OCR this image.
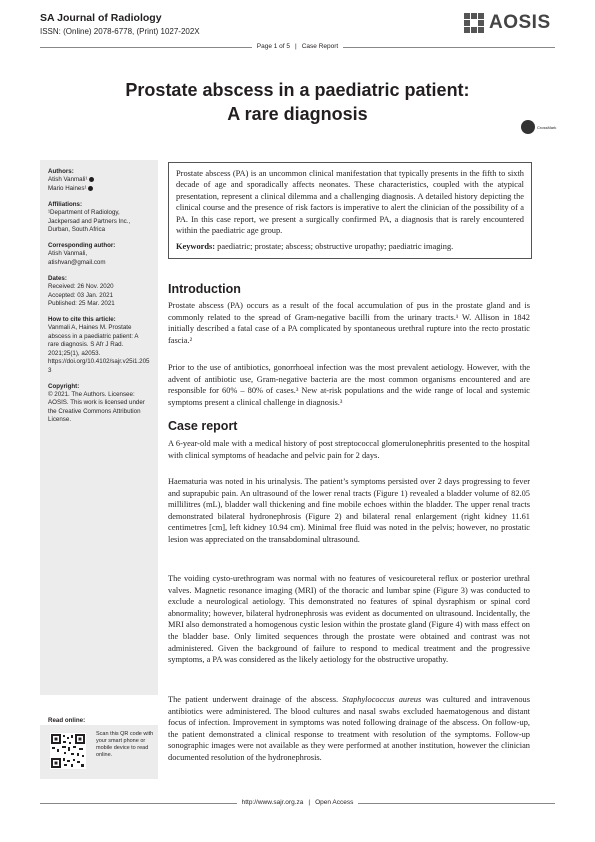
SA Journal of Radiology
ISSN: (Online) 2078-6778, (Print) 1027-202X	AOSIS
Page 1 of 5 | Case Report
Prostate abscess in a paediatric patient:
A rare diagnosis
CrossMark
Authors:
Atish Vanmali¹
Mario Haines¹
Affiliations:
¹Department of Radiology, Jackpersad and Partners Inc., Durban, South Africa
Corresponding author:
Atish Vanmali,
atishvan@gmail.com
Dates:
Received: 26 Nov. 2020
Accepted: 03 Jan. 2021
Published: 25 Mar. 2021
How to cite this article:
Vanmali A, Haines M. Prostate abscess in a paediatric patient: A rare diagnosis. S Afr J Rad. 2021;25(1), a2053. https://doi.org/10.4102/sajr.v25i1.2053
Copyright:
© 2021. The Authors. Licensee: AOSIS. This work is licensed under the Creative Commons Attribution License.
Read online:
Scan this QR code with your smart phone or mobile device to read online.
Prostate abscess (PA) is an uncommon clinical manifestation that typically presents in the fifth to sixth decade of age and sporadically affects neonates. These characteristics, coupled with the atypical presentation, represent a clinical dilemma and a challenging diagnosis. A detailed history depicting the clinical course and the presence of risk factors is imperative to alert the clinician of the possibility of a PA. In this case report, we present a surgically confirmed PA, a diagnosis that is rarely encountered within the paediatric age group.
Keywords: paediatric; prostate; abscess; obstructive uropathy; paediatric imaging.
Introduction

Prostate abscess (PA) occurs as a result of the focal accumulation of pus in the prostate gland and is commonly related to the spread of Gram-negative bacilli from the urinary tracts.¹ W. Allison in 1842 initially described a fatal case of a PA complicated by spontaneous urethral rupture into the recto prostatic fascia.²

Prior to the use of antibiotics, gonorrhoeal infection was the most prevalent aetiology. However, with the advent of antibiotic use, Gram-negative bacteria are the most common organisms encountered and are responsible for 60% – 80% of cases.³ New at-risk populations and the wide range of local and systemic symptoms present a clinical challenge in diagnosis.³

Case report

A 6-year-old male with a medical history of post streptococcal glomerulonephritis presented to the hospital with clinical symptoms of headache and pelvic pain for 2 days.

Haematuria was noted in his urinalysis. The patient’s symptoms persisted over 2 days progressing to fever and suprapubic pain. An ultrasound of the lower renal tracts (Figure 1) revealed a bladder volume of 82.05 millilitres (mL), bladder wall thickening and fine mobile echoes within the bladder. The upper renal tracts demonstrated bilateral hydronephrosis (Figure 2) and bilateral renal enlargement (right kidney 11.61 centimetres [cm], left kidney 10.94 cm). Minimal free fluid was noted in the pelvis; however, no prostatic lesion was appreciated on the transabdominal ultrasound.

The voiding cysto-urethrogram was normal with no features of vesicoureteral reflux or posterior urethral valves. Magnetic resonance imaging (MRI) of the thoracic and lumbar spine (Figure 3) was conducted to exclude a neurological aetiology. This demonstrated no features of spinal dysraphism or spinal cord abnormality; however, bilateral hydronephrosis was evident as documented on ultrasound. Incidentally, the MRI also demonstrated a homogenous cystic lesion within the prostate gland (Figure 4) with mass effect on the bladder base. Only limited sequences through the prostate were obtained and contrast was not administered. Given the background of failure to respond to medical treatment and the progressive symptoms, a PA was considered as the likely aetiology for the obstructive uropathy.

The patient underwent drainage of the abscess. Staphylococcus aureus was cultured and intravenous antibiotics were administered. The blood cultures and nasal swabs excluded haematogenous and distant focus of infection. Improvement in symptoms was noted following drainage of the abscess. On follow-up, the patient demonstrated a clinical response to treatment with resolution of the symptoms. Follow-up sonographic images were not available as they were performed at another institution, however the clinician documented resolution of the hydronephrosis.

http://www.sajr.org.za Open Access
